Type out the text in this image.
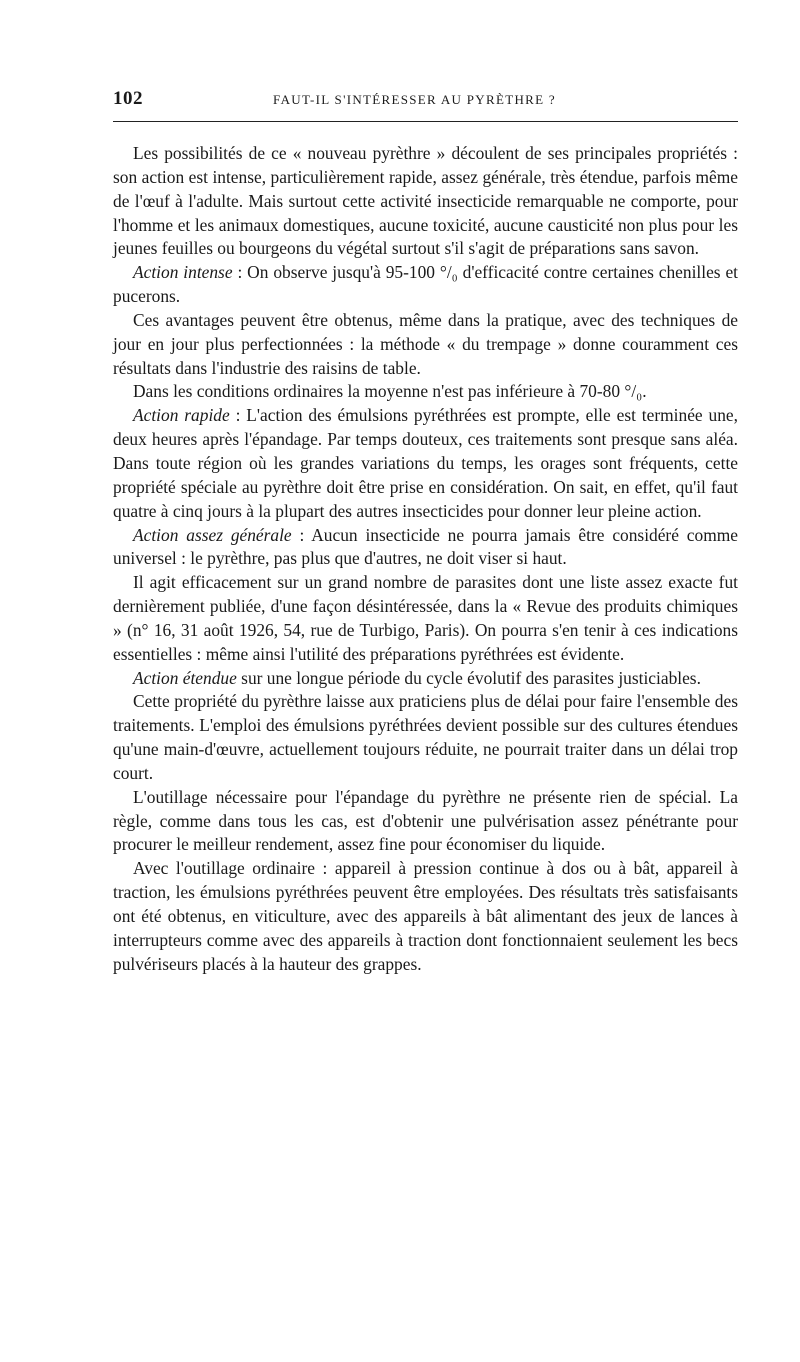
102	FAUT-IL S'INTÉRESSER AU PYRÈTHRE ?

Les possibilités de ce « nouveau pyrèthre » découlent de ses principales propriétés : son action est intense, particulièrement rapide, assez générale, très étendue, parfois même de l'œuf à l'adulte. Mais surtout cette activité insecticide remarquable ne comporte, pour l'homme et les animaux domestiques, aucune toxicité, aucune causticité non plus pour les jeunes feuilles ou bourgeons du végétal surtout s'il s'agit de préparations sans savon.

Action intense : On observe jusqu'à 95-100 °/₀ d'efficacité contre certaines chenilles et pucerons.

Ces avantages peuvent être obtenus, même dans la pratique, avec des techniques de jour en jour plus perfectionnées : la méthode « du trempage » donne couramment ces résultats dans l'industrie des raisins de table.

Dans les conditions ordinaires la moyenne n'est pas inférieure à 70-80 °/₀.

Action rapide : L'action des émulsions pyréthrées est prompte, elle est terminée une, deux heures après l'épandage. Par temps douteux, ces traitements sont presque sans aléa. Dans toute région où les grandes variations du temps, les orages sont fréquents, cette propriété spéciale au pyrèthre doit être prise en considération. On sait, en effet, qu'il faut quatre à cinq jours à la plupart des autres insecticides pour donner leur pleine action.

Action assez générale : Aucun insecticide ne pourra jamais être considéré comme universel : le pyrèthre, pas plus que d'autres, ne doit viser si haut.

Il agit efficacement sur un grand nombre de parasites dont une liste assez exacte fut dernièrement publiée, d'une façon désintéressée, dans la « Revue des produits chimiques » (n° 16, 31 août 1926, 54, rue de Turbigo, Paris). On pourra s'en tenir à ces indications essentielles : même ainsi l'utilité des préparations pyréthrées est évidente.

Action étendue sur une longue période du cycle évolutif des parasites justiciables.

Cette propriété du pyrèthre laisse aux praticiens plus de délai pour faire l'ensemble des traitements. L'emploi des émulsions pyréthrées devient possible sur des cultures étendues qu'une main-d'œuvre, actuellement toujours réduite, ne pourrait traiter dans un délai trop court.

L'outillage nécessaire pour l'épandage du pyrèthre ne présente rien de spécial. La règle, comme dans tous les cas, est d'obtenir une pulvérisation assez pénétrante pour procurer le meilleur rendement, assez fine pour économiser du liquide.

Avec l'outillage ordinaire : appareil à pression continue à dos ou à bât, appareil à traction, les émulsions pyréthrées peuvent être employées. Des résultats très satisfaisants ont été obtenus, en viticulture, avec des appareils à bât alimentant des jeux de lances à interrupteurs comme avec des appareils à traction dont fonctionnaient seulement les becs pulvériseurs placés à la hauteur des grappes.
